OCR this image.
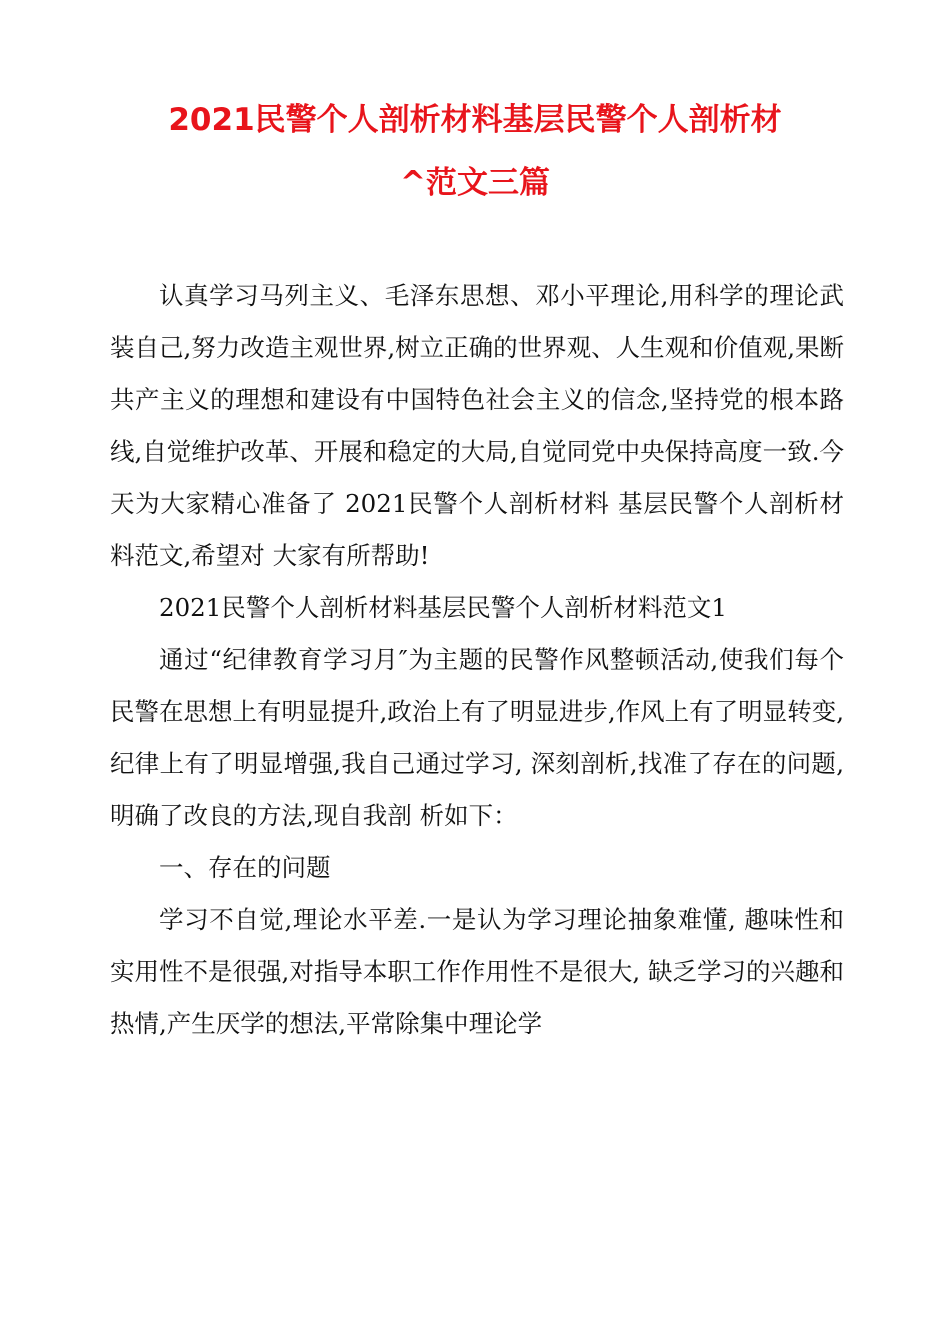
2021民警个人剖析材料基层民警个人剖析材
^范文三篇

认真学习马列主义、毛泽东思想、邓小平理论,用科学的理论武装自己,努力改造主观世界,树立正确的世界观、人生观和价值观,果断共产主义的理想和建设有中国特色社会主义的信念,坚持党的根本路线,自觉维护改革、开展和稳定的大局,自觉同党中央保持高度一致.今天为大家精心准备了 2021民警个人剖析材料 基层民警个人剖析材料范文,希望对 大家有所帮助!

2021民警个人剖析材料基层民警个人剖析材料范文1

通过“纪律教育学习月″为主题的民警作风整顿活动,使我们每个民警在思想上有明显提升,政治上有了明显进步,作风上有了明显转变,纪律上有了明显增强,我自己通过学习, 深刻剖析,找准了存在的问题,明确了改良的方法,现自我剖 析如下：

一、存在的问题

学习不自觉,理论水平差.一是认为学习理论抽象难懂, 趣味性和实用性不是很强,对指导本职工作作用性不是很大, 缺乏学习的兴趣和热情,产生厌学的想法,平常除集中理论学
